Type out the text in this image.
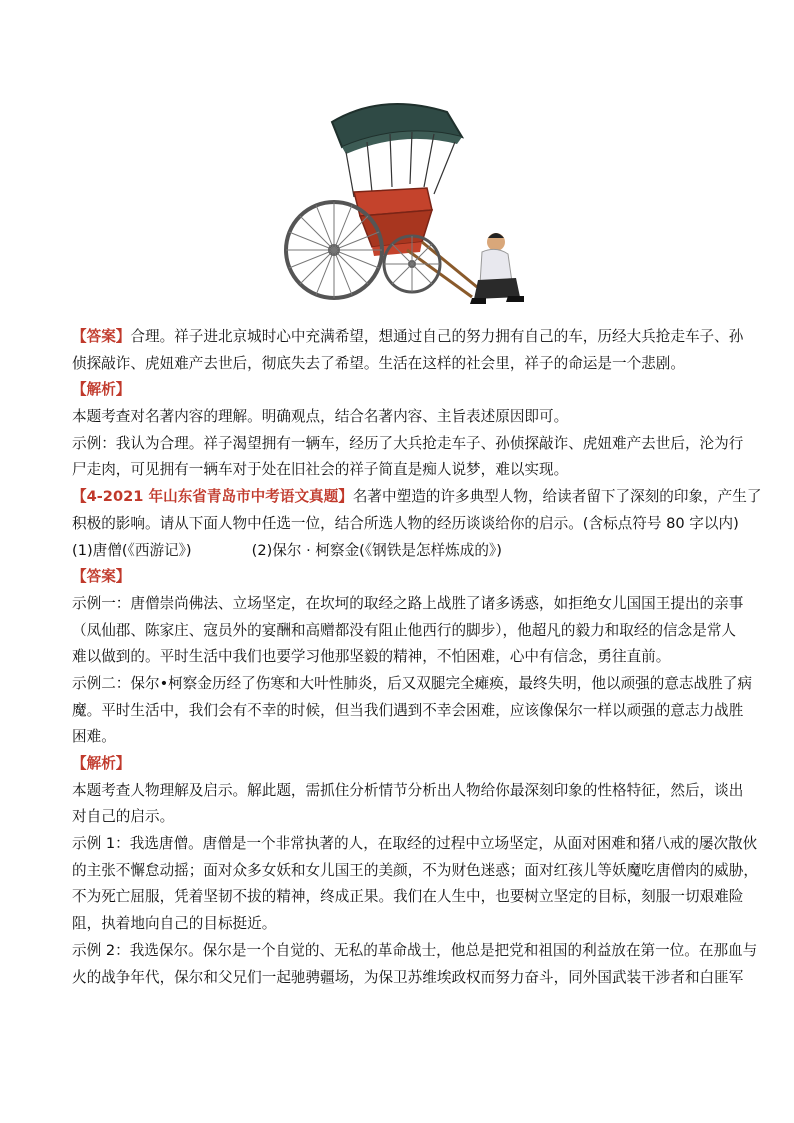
【答案】合理。祥子进北京城时心中充满希望，想通过自己的努力拥有自己的车，历经大兵抢走车子、孙

侦探敲诈、虎妞难产去世后，彻底失去了希望。生活在这样的社会里，祥子的命运是一个悲剧。

【解析】

本题考查对名著内容的理解。明确观点，结合名著内容、主旨表述原因即可。

示例：我认为合理。祥子渴望拥有一辆车，经历了大兵抢走车子、孙侦探敲诈、虎妞难产去世后，沦为行

尸走肉，可见拥有一辆车对于处在旧社会的祥子简直是痴人说梦，难以实现。

【4-2021 年山东省青岛市中考语文真题】名著中塑造的许多典型人物，给读者留下了深刻的印象，产生了

积极的影响。请从下面人物中任选一位，结合所选人物的经历谈谈给你的启示。(含标点符号 80 字以内)

(1)唐僧(《西游记》)	(2)保尔 · 柯察金(《钢铁是怎样炼成的》)

【答案】

示例一：唐僧崇尚佛法、立场坚定，在坎坷的取经之路上战胜了诸多诱惑，如拒绝女儿国国王提出的亲事

（凤仙郡、陈家庄、寇员外的宴酬和高赠都没有阻止他西行的脚步），他超凡的毅力和取经的信念是常人

难以做到的。平时生活中我们也要学习他那坚毅的精神，不怕困难，心中有信念，勇往直前。

示例二：保尔•柯察金历经了伤寒和大叶性肺炎，后又双腿完全瘫痪，最终失明，他以顽强的意志战胜了病

魔。平时生活中，我们会有不幸的时候，但当我们遇到不幸会困难，应该像保尔一样以顽强的意志力战胜

困难。

【解析】

本题考查人物理解及启示。解此题，需抓住分析情节分析出人物给你最深刻印象的性格特征，然后，谈出

对自己的启示。

示例 1：我选唐僧。唐僧是一个非常执著的人，在取经的过程中立场坚定，从面对困难和猪八戒的屡次散伙

的主张不懈怠动摇；面对众多女妖和女儿国王的美颜，不为财色迷惑；面对红孩儿等妖魔吃唐僧肉的威胁，

不为死亡屈服，凭着坚韧不拔的精神，终成正果。我们在人生中，也要树立坚定的目标，刻服一切艰难险

阻，执着地向自己的目标挺近。

示例 2：我选保尔。保尔是一个自觉的、无私的革命战士，他总是把党和祖国的利益放在第一位。在那血与

火的战争年代，保尔和父兄们一起驰骋疆场，为保卫苏维埃政权而努力奋斗，同外国武装干涉者和白匪军
